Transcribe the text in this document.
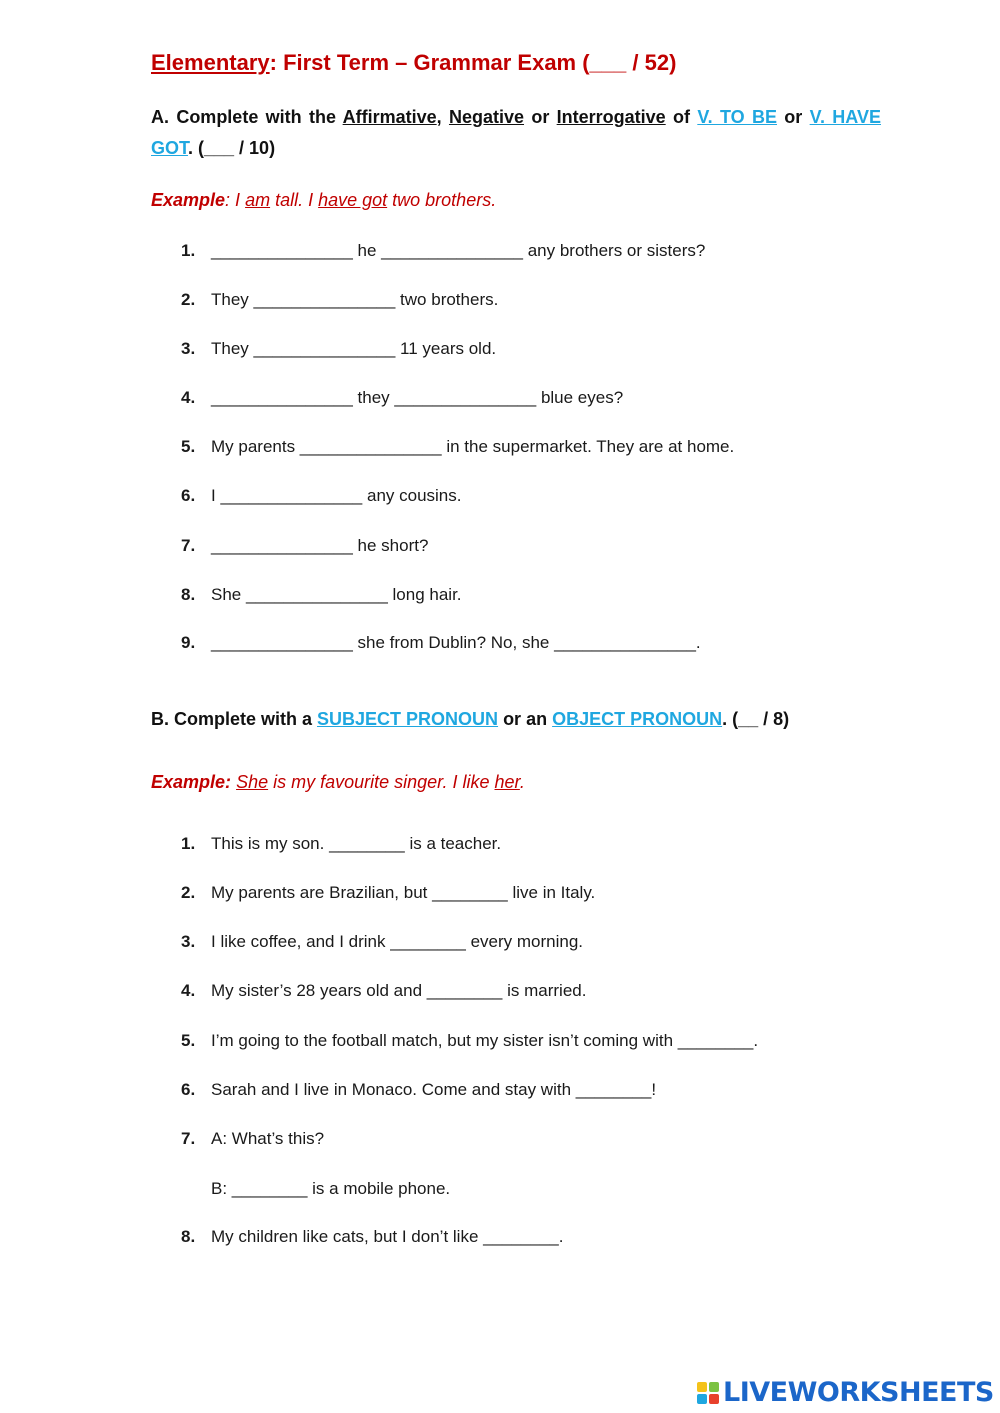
Elementary: First Term – Grammar Exam (___ / 52)
A. Complete with the Affirmative, Negative or Interrogative of V. TO BE or V. HAVE GOT. (___ / 10)
Example: I am tall. I have got two brothers.
1. _______________ he _______________ any brothers or sisters?
2. They _______________ two brothers.
3. They _______________ 11 years old.
4. _______________ they _______________ blue eyes?
5. My parents _______________ in the supermarket. They are at home.
6. I _______________ any cousins.
7. _______________ he short?
8. She _______________ long hair.
9. _______________ she from Dublin? No, she _______________.
B. Complete with a SUBJECT PRONOUN or an OBJECT PRONOUN. (__ / 8)
Example: She is my favourite singer. I like her.
1. This is my son. ________ is a teacher.
2. My parents are Brazilian, but ________ live in Italy.
3. I like coffee, and I drink ________ every morning.
4. My sister’s 28 years old and ________ is married.
5. I’m going to the football match, but my sister isn’t coming with ________.
6. Sarah and I live in Monaco. Come and stay with ________!
7. A: What’s this?
B: ________ is a mobile phone.
8. My children like cats, but I don’t like ________.
LIVEWORKSHEETS
